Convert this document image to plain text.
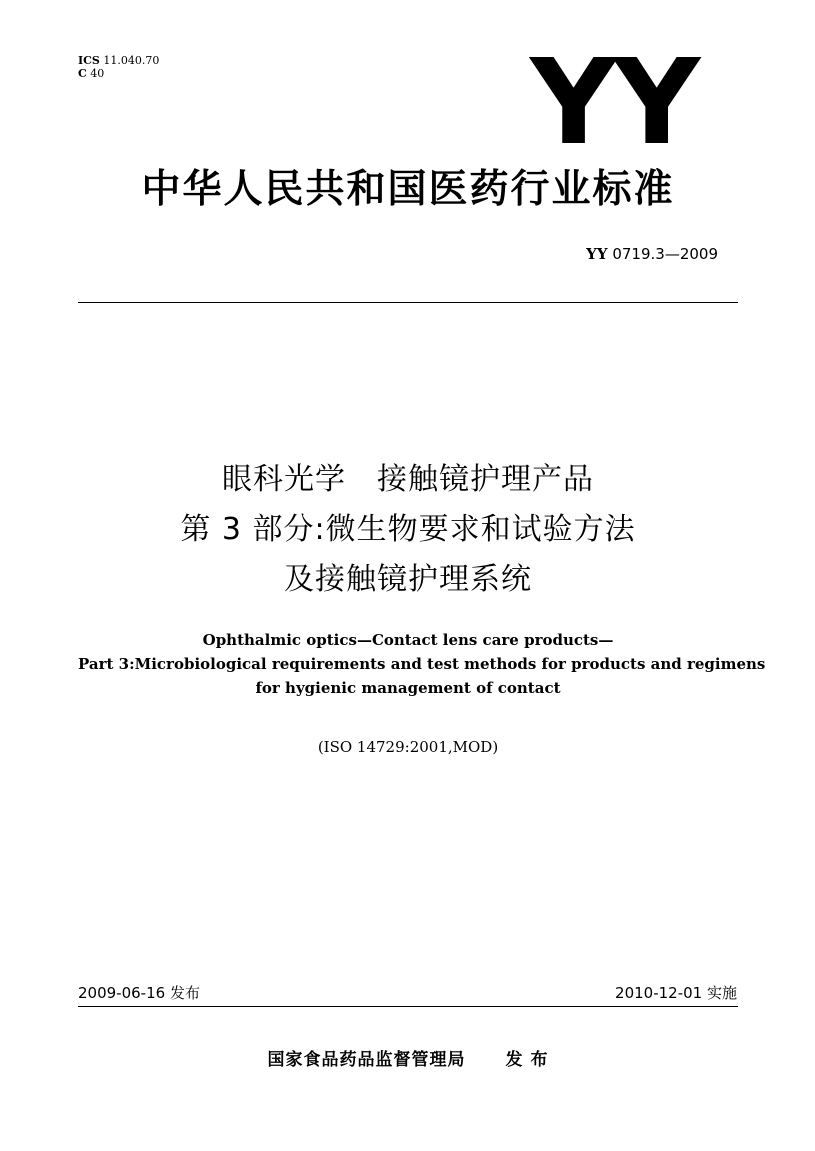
ICS 11.040.70
C 40	YY
中华人民共和国医药行业标准
YY 0719.3—2009
眼科光学　接触镜护理产品
第 3 部分:微生物要求和试验方法
及接触镜护理系统
Ophthalmic optics—Contact lens care products—
Part 3:Microbiological requirements and test methods for products and regimens
for hygienic management of contact
(ISO 14729:2001,MOD)
2009-06-16 发布	2010-12-01 实施
国家食品药品监督管理局 发 布
